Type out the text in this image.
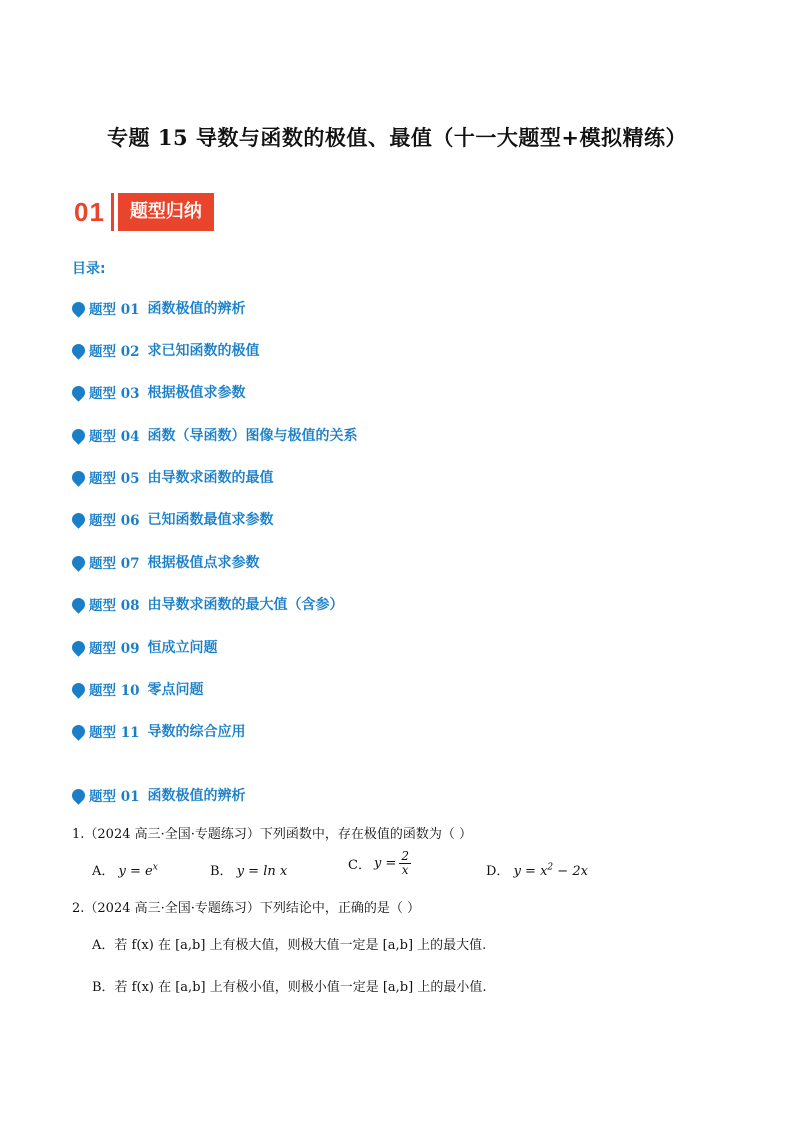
专题 15 导数与函数的极值、最值（十一大题型+模拟精练）
01	题型归纳
目录:
题型 01 函数极值的辨析
题型 02 求已知函数的极值
题型 03 根据极值求参数
题型 04 函数（导函数）图像与极值的关系
题型 05 由导数求函数的最值
题型 06 已知函数最值求参数
题型 07 根据极值点求参数
题型 08 由导数求函数的最大值（含参）
题型 09 恒成立问题
题型 10 零点问题
题型 11 导数的综合应用
题型 01 函数极值的辨析
1.（2024 高三·全国·专题练习）下列函数中，存在极值的函数为（ ）
A． $y = e^x$	B． y = ln x	C． $y = \frac{2}{x}$	D． $y = x^2 - 2x$
2.（2024 高三·全国·专题练习）下列结论中，正确的是（ ）
A．若 f(x) 在 [a,b] 上有极大值，则极大值一定是 [a,b] 上的最大值.
B．若 f(x) 在 [a,b] 上有极小值，则极小值一定是 [a,b] 上的最小值.
